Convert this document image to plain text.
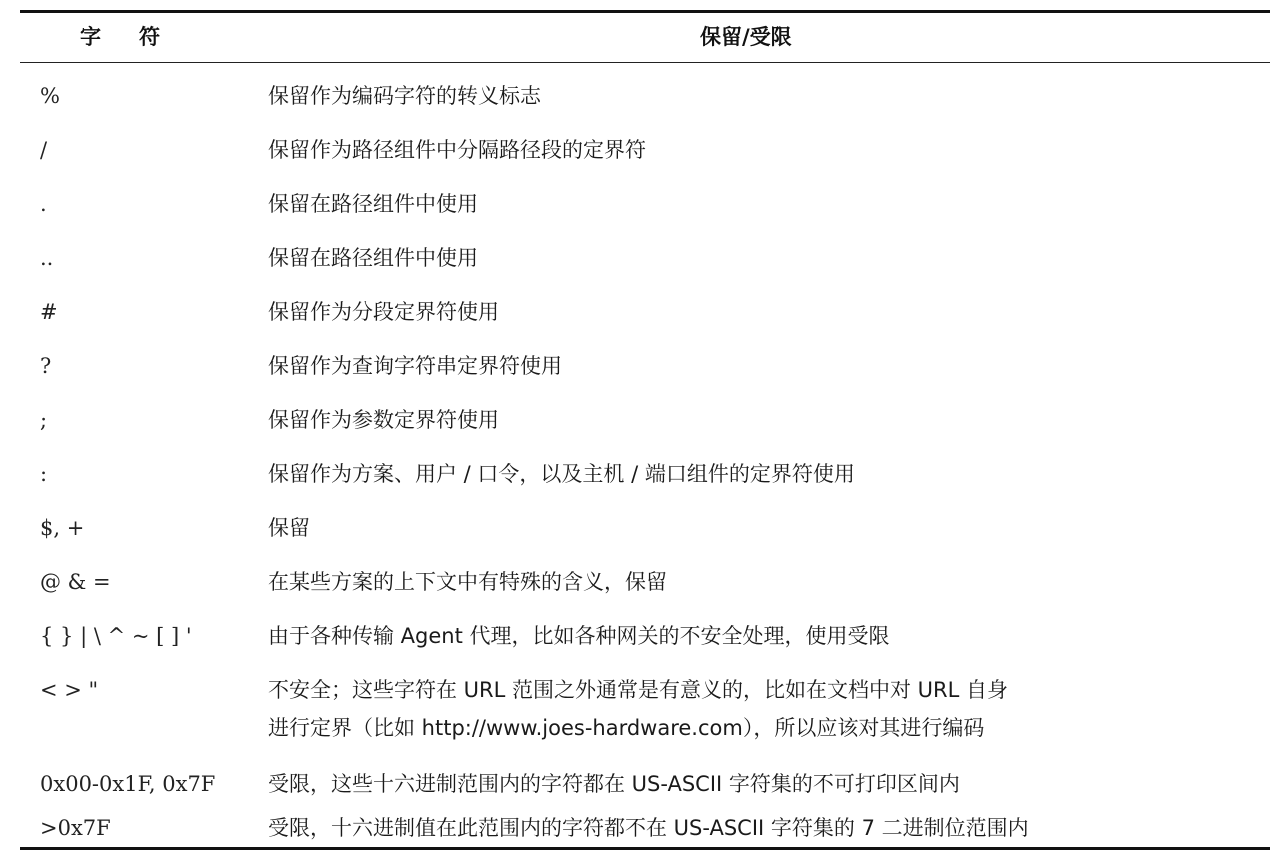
字符	保留/受限
%	保留作为编码字符的转义标志
/	保留作为路径组件中分隔路径段的定界符
.	保留在路径组件中使用
..	保留在路径组件中使用
#	保留作为分段定界符使用
?	保留作为查询字符串定界符使用
;	保留作为参数定界符使用
:	保留作为方案、用户 / 口令，以及主机 / 端口组件的定界符使用
$, +	保留
@ & =	在某些方案的上下文中有特殊的含义，保留
{ } | \ ^ ~ [ ] '	由于各种传输 Agent 代理，比如各种网关的不安全处理，使用受限
< > "	不安全；这些字符在 URL 范围之外通常是有意义的，比如在文档中对 URL 自身
进行定界（比如 http://www.joes-hardware.com），所以应该对其进行编码
0x00-0x1F, 0x7F	受限，这些十六进制范围内的字符都在 US-ASCII 字符集的不可打印区间内
>0x7F	受限，十六进制值在此范围内的字符都不在 US-ASCII 字符集的 7 二进制位范围内
